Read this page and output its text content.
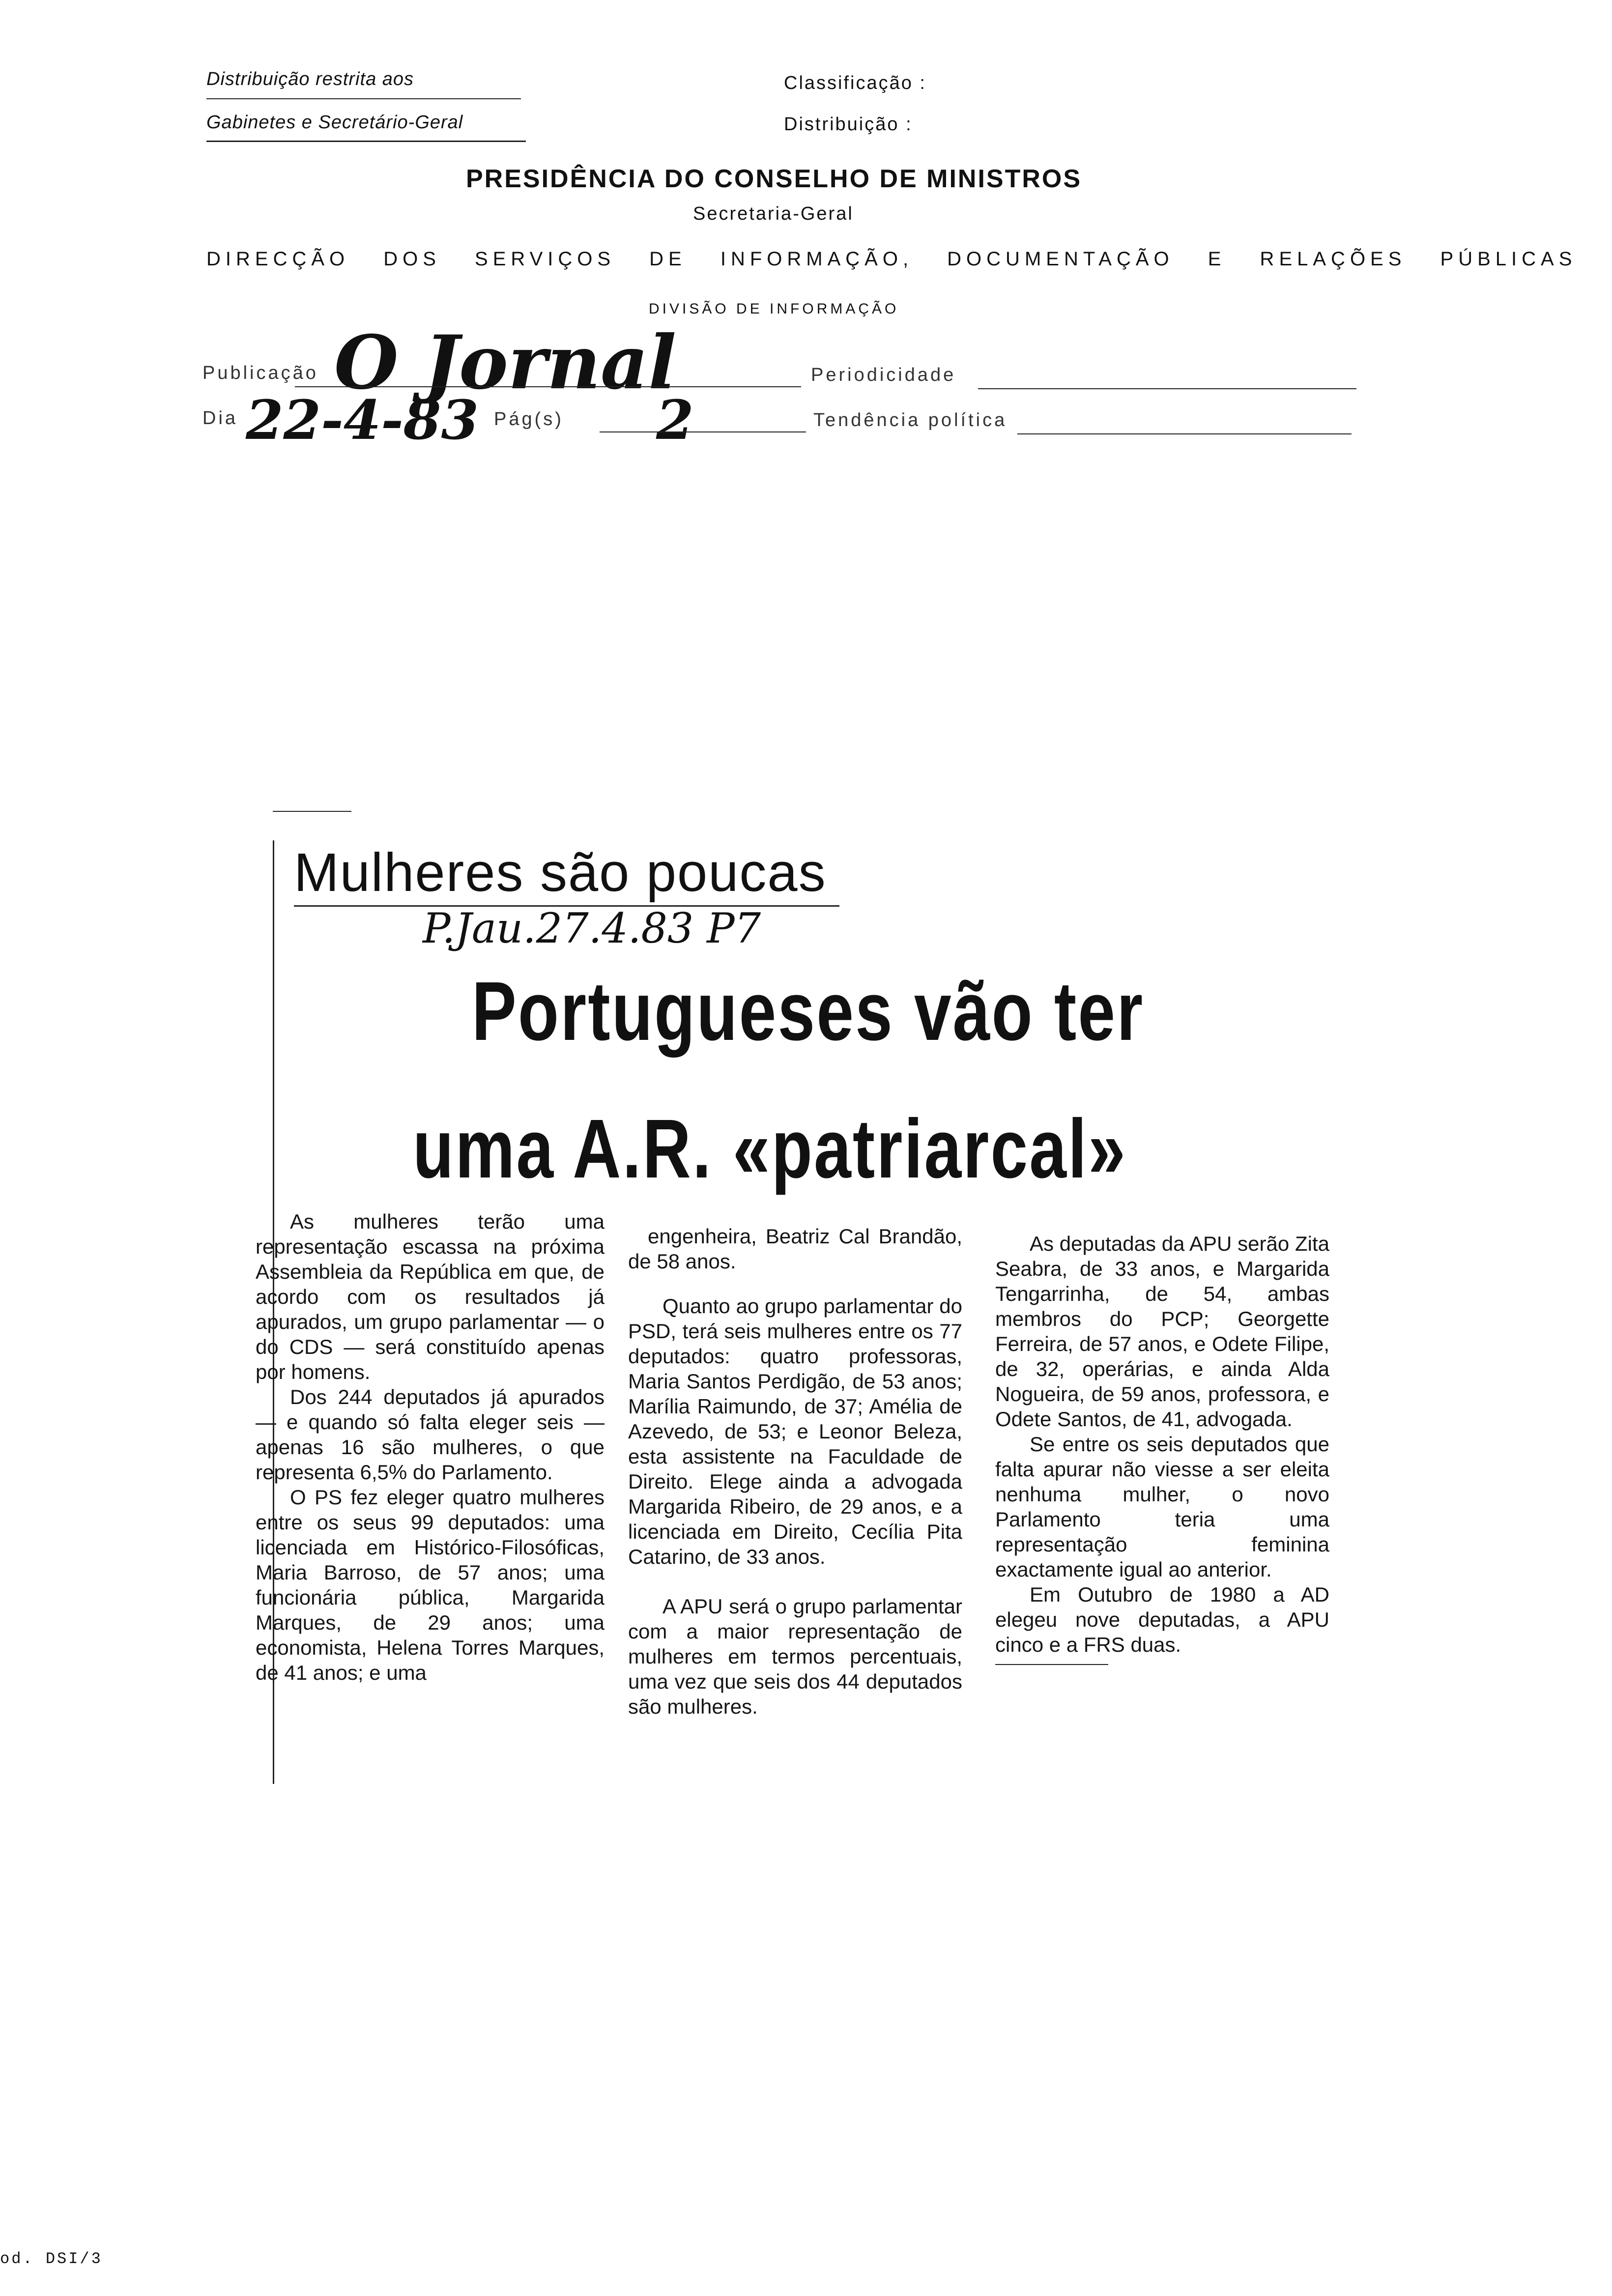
Distribuição restrita aos
Gabinetes e Secretário-Geral
Classificação :
Distribuição :
PRESIDÊNCIA DO CONSELHO DE MINISTROS
Secretaria-Geral
DIRECÇÃO DOS SERVIÇOS DE INFORMAÇÃO, DOCUMENTAÇÃO E RELAÇÕES PÚBLICAS
DIVISÃO DE INFORMAÇÃO
Publicação O Jornal	Periodicidade
Dia 22-4-83 Pág(s) 2	Tendência política
Mulheres são poucas
P.Jau.27.4.83 P7
Portugueses vão ter
uma A.R. «patriarcal»

As mulheres terão uma representação escassa na próxima Assembleia da República em que, de acordo com os resultados já apurados, um grupo parlamentar — o do CDS — será constituído apenas por homens.

Dos 244 deputados já apurados — e quando só falta eleger seis — apenas 16 são mulheres, o que representa 6,5% do Parlamento.

O PS fez eleger quatro mulheres entre os seus 99 deputados: uma licenciada em Histórico-Filosóficas, Maria Barroso, de 57 anos; uma funcionária pública, Margarida Marques, de 29 anos; uma economista, Helena Torres Marques, de 41 anos; e uma

engenheira, Beatriz Cal Brandão, de 58 anos.

Quanto ao grupo parlamentar do PSD, terá seis mulheres entre os 77 deputados: quatro professoras, Maria Santos Perdigão, de 53 anos; Marília Raimundo, de 37; Amélia de Azevedo, de 53; e Leonor Beleza, esta assistente na Faculdade de Direito. Elege ainda a advogada Margarida Ribeiro, de 29 anos, e a licenciada em Direito, Cecília Pita Catarino, de 33 anos.

A APU será o grupo parlamentar com a maior representação de mulheres em termos percentuais, uma vez que seis dos 44 deputados são mulheres.

As deputadas da APU serão Zita Seabra, de 33 anos, e Margarida Tengarrinha, de 54, ambas membros do PCP; Georgette Ferreira, de 57 anos, e Odete Filipe, de 32, operárias, e ainda Alda Nogueira, de 59 anos, professora, e Odete Santos, de 41, advogada.

Se entre os seis deputados que falta apurar não viesse a ser eleita nenhuma mulher, o novo Parlamento teria uma representação feminina exactamente igual ao anterior.

Em Outubro de 1980 a AD elegeu nove deputadas, a APU cinco e a FRS duas.

od. DSI/3
